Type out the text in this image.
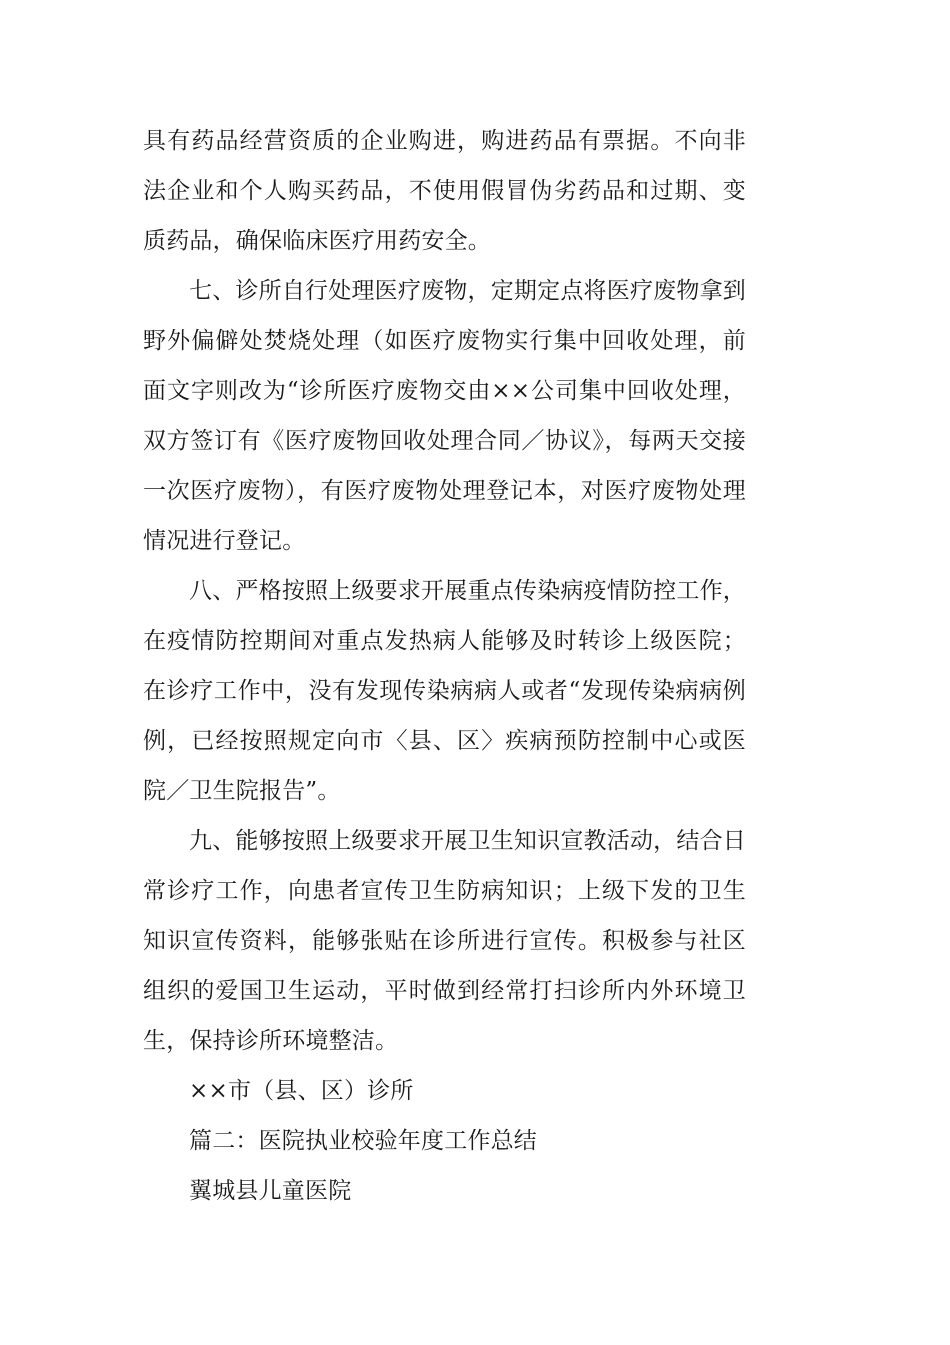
具有药品经营资质的企业购进，购进药品有票据。不向非法企业和个人购买药品，不使用假冒伪劣药品和过期、变质药品，确保临床医疗用药安全。

七、诊所自行处理医疗废物，定期定点将医疗废物拿到野外偏僻处焚烧处理（如医疗废物实行集中回收处理，前面文字则改为“诊所医疗废物交由××公司集中回收处理，双方签订有《医疗废物回收处理合同／协议》，每两天交接一次医疗废物），有医疗废物处理登记本，对医疗废物处理情况进行登记。

八、严格按照上级要求开展重点传染病疫情防控工作，在疫情防控期间对重点发热病人能够及时转诊上级医院；在诊疗工作中，没有发现传染病病人或者“发现传染病病例例，已经按照规定向市〈县、区〉疾病预防控制中心或医院／卫生院报告”。

九、能够按照上级要求开展卫生知识宣教活动，结合日常诊疗工作，向患者宣传卫生防病知识；上级下发的卫生知识宣传资料，能够张贴在诊所进行宣传。积极参与社区组织的爱国卫生运动，平时做到经常打扫诊所内外环境卫生，保持诊所环境整洁。

××市（县、区）诊所

篇二：医院执业校验年度工作总结

翼城县儿童医院
